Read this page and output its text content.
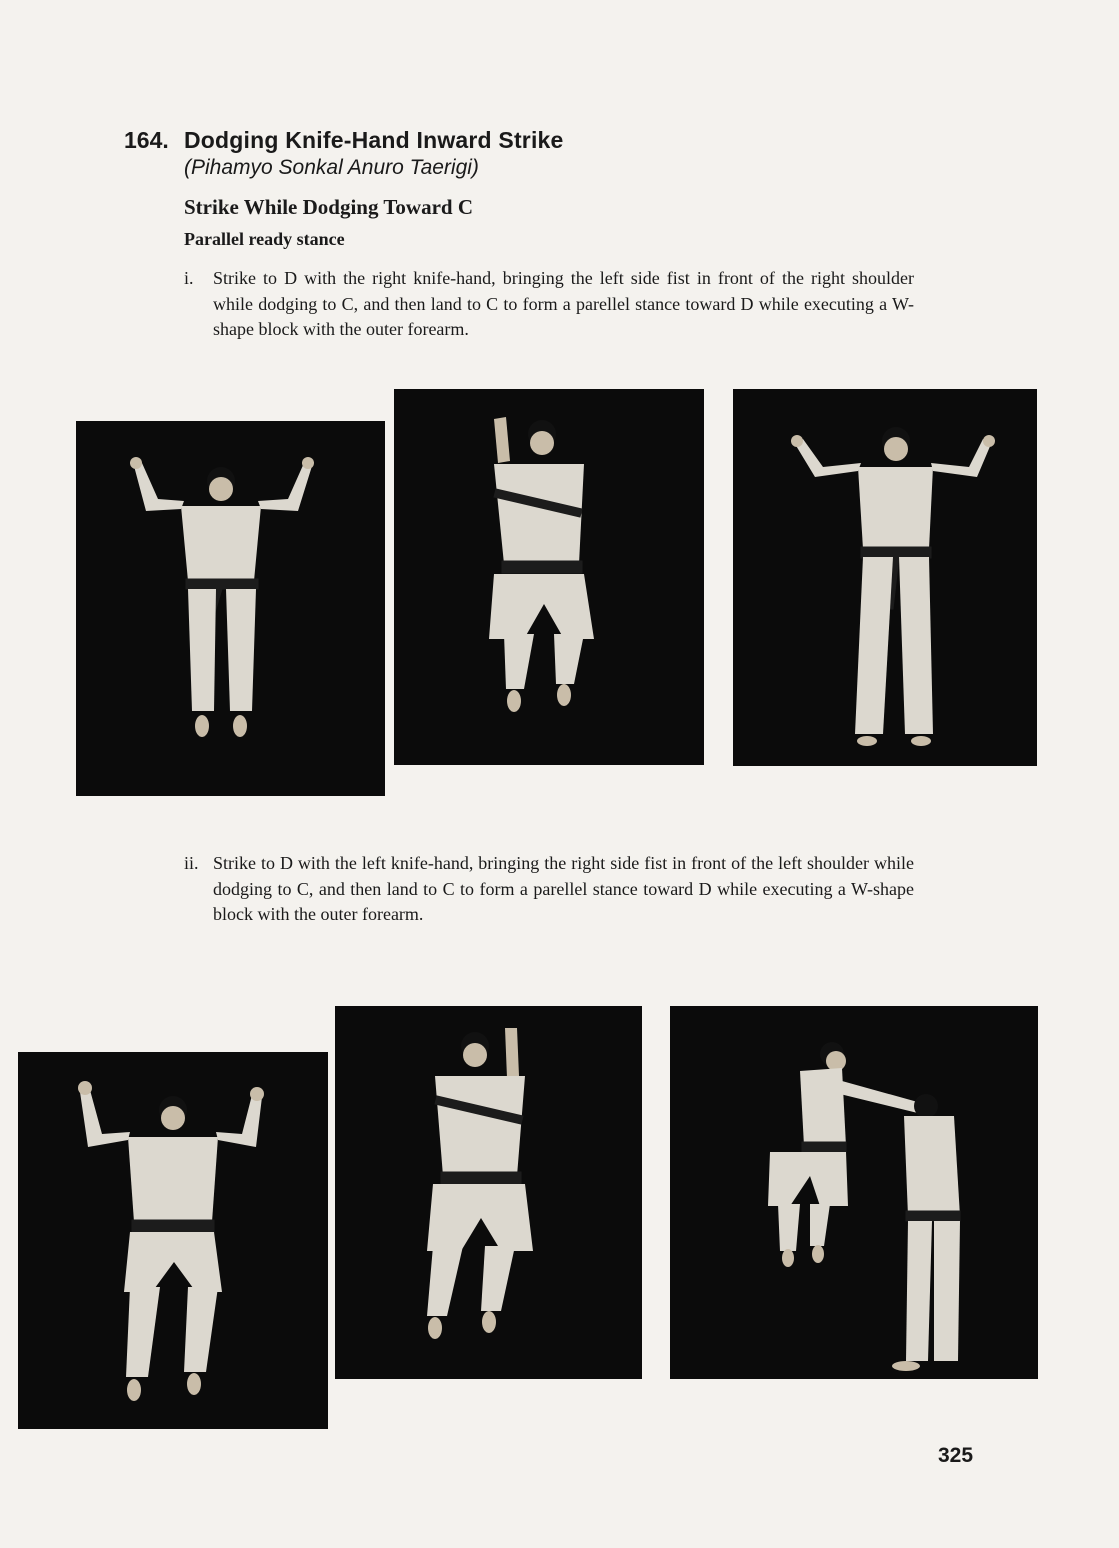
164. Dodging Knife-Hand Inward Strike
(Pihamyo Sonkal Anuro Taerigi)
Strike While Dodging Toward C
Parallel ready stance
i. Strike to D with the right knife-hand, bringing the left side fist in front of the right shoulder while dodging to C, and then land to C to form a parellel stance toward D while executing a W-shape block with the outer forearm.
ii. Strike to D with the left knife-hand, bringing the right side fist in front of the left shoulder while dodging to C, and then land to C to form a parellel stance toward D while executing a W-shape block with the outer forearm.
325
